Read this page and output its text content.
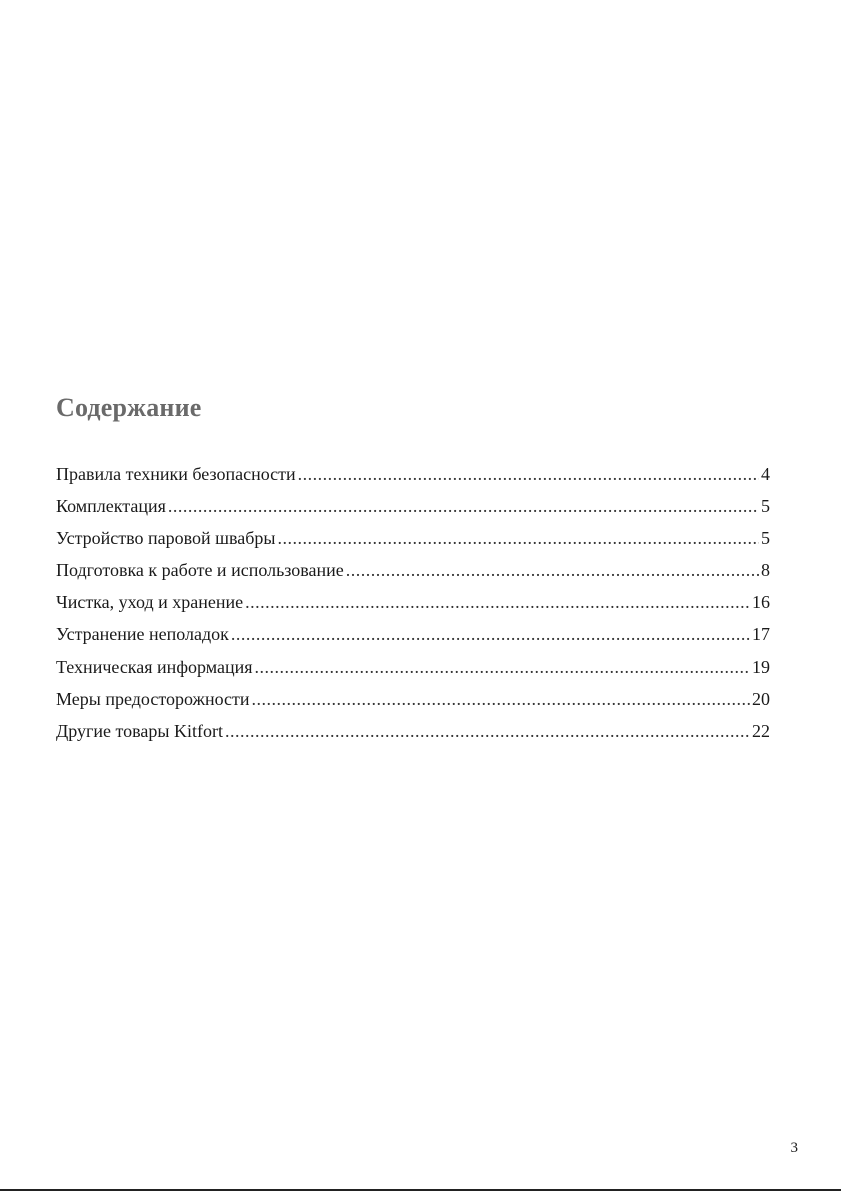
Содержание
Правила техники безопасности .....	4
Комплектация .....	5
Устройство паровой швабры .....	5
Подготовка к работе и использование .....	8
Чистка, уход и хранение .....	16
Устранение неполадок .....	17
Техническая информация .....	19
Меры предосторожности .....	20
Другие товары Kitfort .....	22
3
